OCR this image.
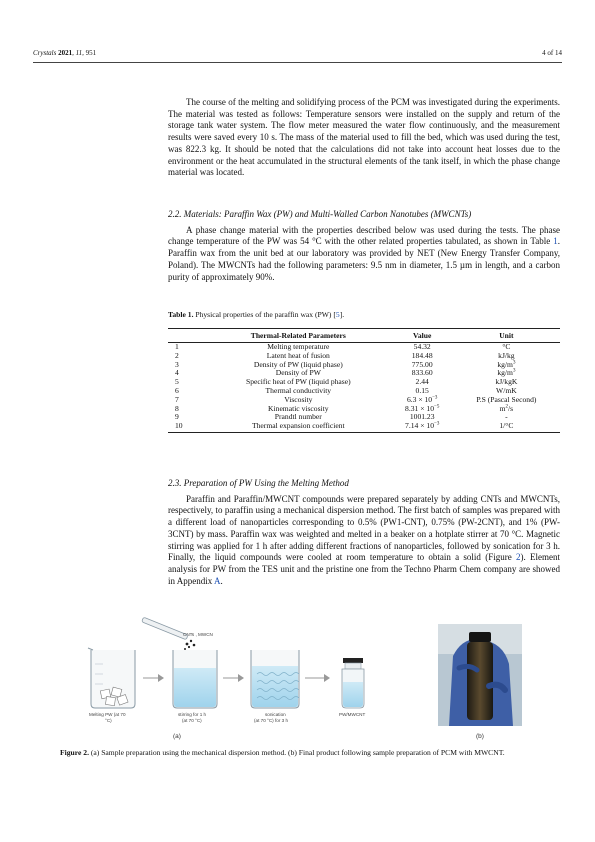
Crystals 2021, 11, 951	4 of 14

The course of the melting and solidifying process of the PCM was investigated during the experiments. The material was tested as follows: Temperature sensors were installed on the supply and return of the storage tank water system. The flow meter measured the water flow continuously, and the measurement results were saved every 10 s. The mass of the material used to fill the bed, which was used during the test, was 822.3 kg. It should be noted that the calculations did not take into account heat losses due to the environment or the heat accumulated in the structural elements of the tank itself, in which the phase change material was located.

2.2. Materials: Paraffin Wax (PW) and Multi-Walled Carbon Nanotubes (MWCNTs)

A phase change material with the properties described below was used during the tests. The phase change temperature of the PW was 54 °C with the other related properties tabulated, as shown in Table 1. Paraffin wax from the unit bed at our laboratory was provided by NET (New Energy Transfer Company, Poland). The MWCNTs had the following parameters: 9.5 nm in diameter, 1.5 µm in length, and a carbon purity of approximately 90%.

Table 1. Physical properties of the paraffin wax (PW) [5].
	Thermal-Related Parameters	Value	Unit
1	Melting temperature	54.32	°C
2	Latent heat of fusion	184.48	kJ/kg
3	Density of PW (liquid phase)	775.00	$kg/m^3$
4	Density of PW	833.60	$kg/m^3$
5	Specific heat of PW (liquid phase)	2.44	kJ/kgK
6	Thermal conductivity	0.15	W/mK
7	Viscosity	$6.3 \times 10^{-3}$	P.S (Pascal Second)
8	Kinematic viscosity	$8.31 \times 10^{-5}$	$m^2/s$
9	Prandtl number	1001.23	-
10	Thermal expansion coefficient	$7.14 \times 10^{-3}$	1/°C

2.3. Preparation of PW Using the Melting Method

Paraffin and Paraffin/MWCNT compounds were prepared separately by adding CNTs and MWCNTs, respectively, to paraffin using a mechanical dispersion method. The first batch of samples was prepared with a different load of nanoparticles corresponding to 0.5% (PW1-CNT), 0.75% (PW-2CNT), and 1% (PW-3CNT) by mass. Paraffin wax was weighted and melted in a beaker on a hotplate stirrer at 70 °C. Magnetic stirring was applied for 1 h after adding different fractions of nanoparticles, followed by sonication for 3 h. Finally, the liquid compounds were cooled at room temperature to obtain a solid (Figure 2). Element analysis for PW from the TES unit and the pristine one from the Techno Pharm Chem company are showed in Appendix A.

Melting PW (at 70
°C)
CNTs , MWCN
stirring for 1 h
(at 70 °C)
sonication
(at 70 °C) for 3 h
PW/MWCNT
(a)	(b)
Figure 2. (a) Sample preparation using the mechanical dispersion method. (b) Final product following sample preparation of PCM with MWCNT.
